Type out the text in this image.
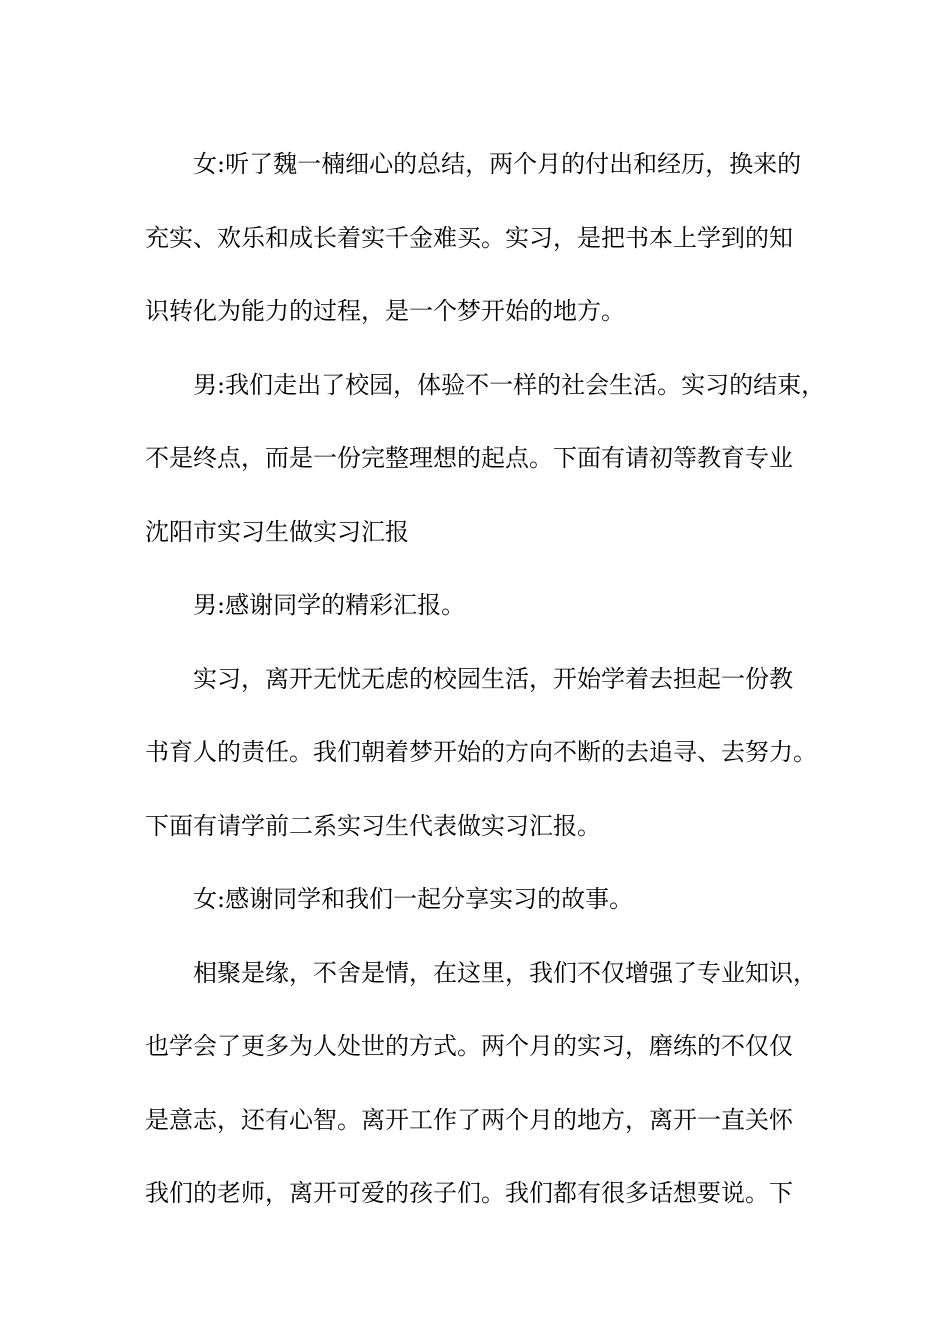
女:听了魏一楠细心的总结，两个月的付出和经历，换来的
充实、欢乐和成长着实千金难买。实习，是把书本上学到的知
识转化为能力的过程，是一个梦开始的地方。

男:我们走出了校园，体验不一样的社会生活。实习的结束，
不是终点，而是一份完整理想的起点。下面有请初等教育专业
沈阳市实习生做实习汇报

男:感谢同学的精彩汇报。

实习，离开无忧无虑的校园生活，开始学着去担起一份教
书育人的责任。我们朝着梦开始的方向不断的去追寻、去努力。
下面有请学前二系实习生代表做实习汇报。

女:感谢同学和我们一起分享实习的故事。

相聚是缘，不舍是情，在这里，我们不仅增强了专业知识，
也学会了更多为人处世的方式。两个月的实习，磨练的不仅仅
是意志，还有心智。离开工作了两个月的地方，离开一直关怀
我们的老师，离开可爱的孩子们。我们都有很多话想要说。下
